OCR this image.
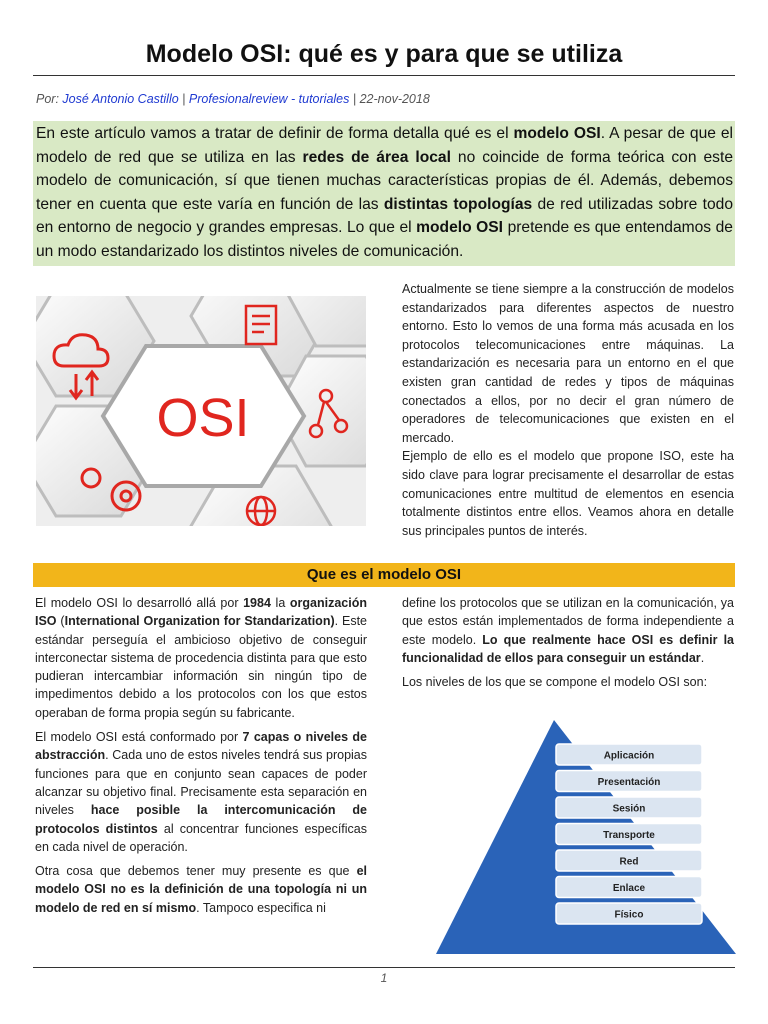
Modelo OSI: qué es y para que se utiliza
Por: José Antonio Castillo | Profesionalreview - tutoriales | 22-nov-2018
En este artículo vamos a tratar de definir de forma detalla qué es el modelo OSI. A pesar de que el modelo de red que se utiliza en las redes de área local no coincide de forma teórica con este modelo de comunicación, sí que tienen muchas características propias de él. Además, debemos tener en cuenta que este varía en función de las distintas topologías de red utilizadas sobre todo en entorno de negocio y grandes empresas. Lo que el modelo OSI pretende es que entendamos de un modo estandarizado los distintos niveles de comunicación.
OSI

Actualmente se tiene siempre a la construcción de modelos estandarizados para diferentes aspectos de nuestro entorno. Esto lo vemos de una forma más acusada en los protocolos telecomunicaciones entre máquinas. La estandarización es necesaria para un entorno en el que existen gran cantidad de redes y tipos de máquinas conectados a ellos, por no decir el gran número de operadores de telecomunicaciones que existen en el mercado.

Ejemplo de ello es el modelo que propone ISO, este ha sido clave para lograr precisamente el desarrollar de estas comunicaciones entre multitud de elementos en esencia totalmente distintos entre ellos. Veamos ahora en detalle sus principales puntos de interés.

Que es el modelo OSI

El modelo OSI lo desarrolló allá por 1984 la organización ISO (International Organization for Standarization). Este estándar perseguía el ambicioso objetivo de conseguir interconectar sistema de procedencia distinta para que esto pudieran intercambiar información sin ningún tipo de impedimentos debido a los protocolos con los que estos operaban de forma propia según su fabricante.

El modelo OSI está conformado por 7 capas o niveles de abstracción. Cada uno de estos niveles tendrá sus propias funciones para que en conjunto sean capaces de poder alcanzar su objetivo final. Precisamente esta separación en niveles hace posible la intercomunicación de protocolos distintos al concentrar funciones específicas en cada nivel de operación.

Otra cosa que debemos tener muy presente es que el modelo OSI no es la definición de una topología ni un modelo de red en sí mismo. Tampoco especifica ni

define los protocolos que se utilizan en la comunicación, ya que estos están implementados de forma independiente a este modelo. Lo que realmente hace OSI es definir la funcionalidad de ellos para conseguir un estándar.

Los niveles de los que se compone el modelo OSI son:

Aplicación
Presentación
Sesión
Transporte
Red
Enlace
Físico
1
